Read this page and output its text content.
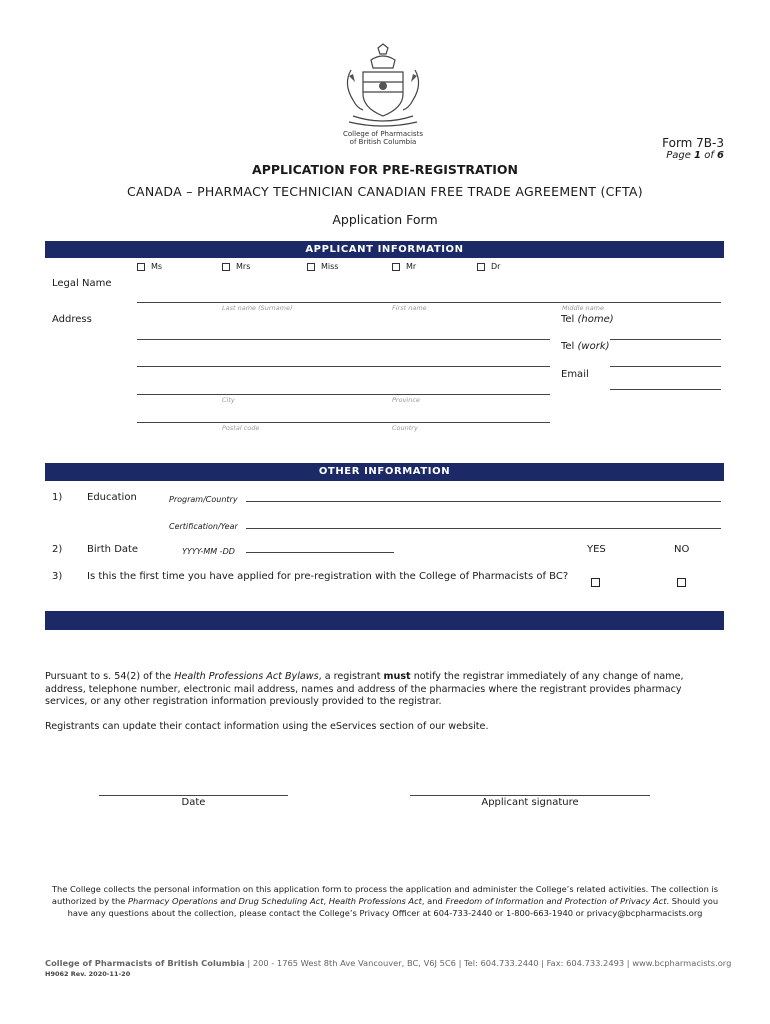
College of Pharmacists
of British Columbia	Form 7B-3
Page 1 of 6
APPLICATION FOR PRE-REGISTRATION
CANADA – PHARMACY TECHNICIAN CANADIAN FREE TRADE AGREEMENT (CFTA)
Application Form
APPLICANT INFORMATION
Ms	Mrs	Miss	Mr	Dr
Legal Name
Last name (Surname)	First name	Middle name
Address
City	Province
Postal code	Country
Tel (home)
Tel (work)
Email
OTHER INFORMATION
1) Education	Program/Country
Certification/Year
2) Birth Date	YYYY-MM -DD	YES	NO
3) Is this the first time you have applied for pre-registration with the College of Pharmacists of BC?
Pursuant to s. 54(2) of the Health Professions Act Bylaws, a registrant must notify the registrar immediately of any change of name, address, telephone number, electronic mail address, names and address of the pharmacies where the registrant provides pharmacy services, or any other registration information previously provided to the registrar.
Registrants can update their contact information using the eServices section of our website.
Date	Applicant signature
The College collects the personal information on this application form to process the application and administer the College’s related activities. The collection is authorized by the Pharmacy Operations and Drug Scheduling Act, Health Professions Act, and Freedom of Information and Protection of Privacy Act. Should you have any questions about the collection, please contact the College’s Privacy Officer at 604-733-2440 or 1-800-663-1940 or privacy@bcpharmacists.org
College of Pharmacists of British Columbia | 200 - 1765 West 8th Ave Vancouver, BC, V6J 5C6 | Tel: 604.733.2440 | Fax: 604.733.2493 | www.bcpharmacists.org
H9062 Rev. 2020-11-20
